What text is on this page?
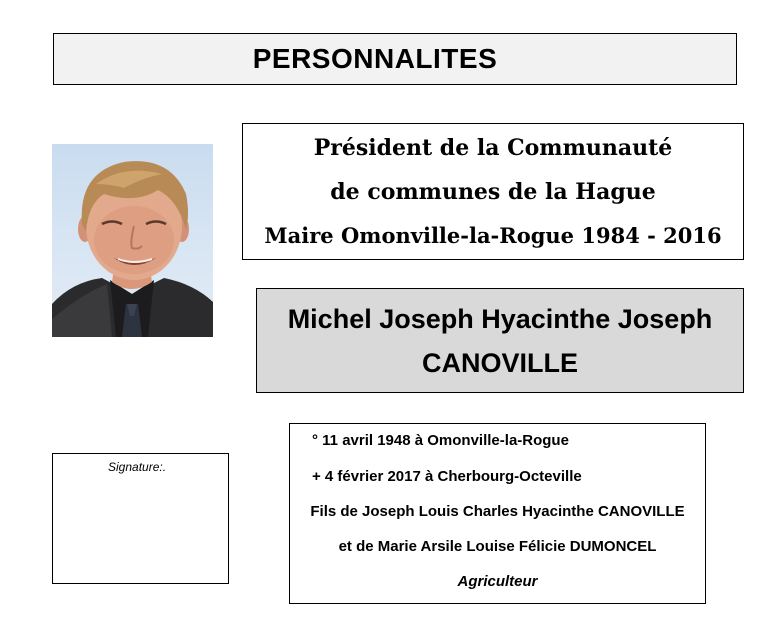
PERSONNALITES
Président de la Communauté
de communes de la Hague
Maire Omonville-la-Rogue 1984 - 2016
Michel Joseph Hyacinthe Joseph
CANOVILLE
Signature:.
° 11 avril 1948 à Omonville-la-Rogue
+ 4 février 2017 à Cherbourg-Octeville
Fils de Joseph Louis Charles Hyacinthe CANOVILLE
et de Marie Arsile Louise Félicie DUMONCEL
Agriculteur
